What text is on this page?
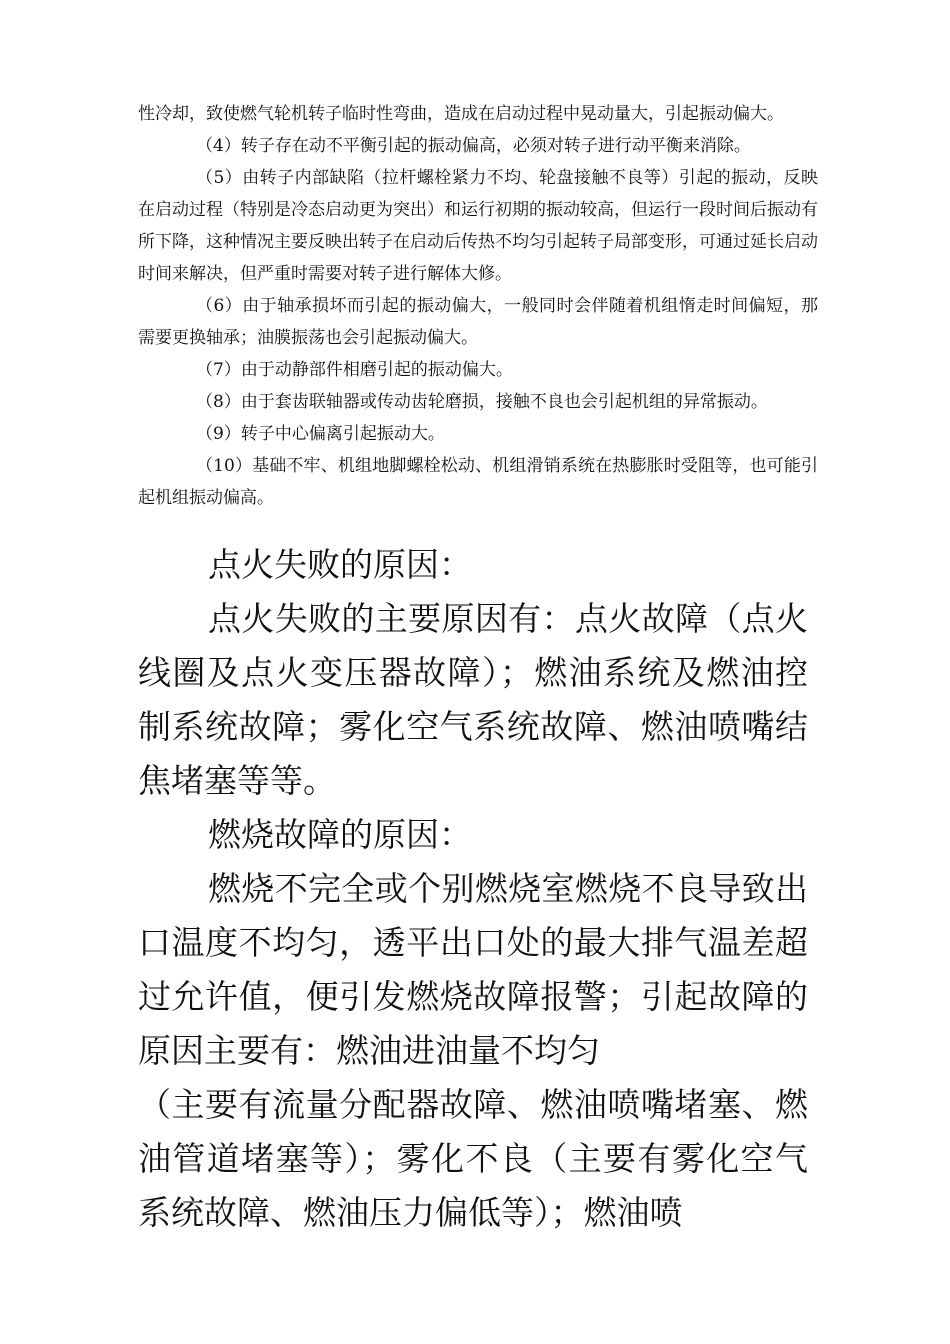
性冷却，致使燃气轮机转子临时性弯曲，造成在启动过程中晃动量大，引起振动偏大。

（4）转子存在动不平衡引起的振动偏高，必须对转子进行动平衡来消除。

（5）由转子内部缺陷（拉杆螺栓紧力不均、轮盘接触不良等）引起的振动，反映在启动过程（特别是冷态启动更为突出）和运行初期的振动较高，但运行一段时间后振动有所下降，这种情况主要反映出转子在启动后传热不均匀引起转子局部变形，可通过延长启动时间来解决，但严重时需要对转子进行解体大修。

（6）由于轴承损坏而引起的振动偏大，一般同时会伴随着机组惰走时间偏短，那需要更换轴承；油膜振荡也会引起振动偏大。

（7）由于动静部件相磨引起的振动偏大。

（8）由于套齿联轴器或传动齿轮磨损，接触不良也会引起机组的异常振动。

（9）转子中心偏离引起振动大。

（10）基础不牢、机组地脚螺栓松动、机组滑销系统在热膨胀时受阻等，也可能引起机组振动偏高。

点火失败的原因：

点火失败的主要原因有：点火故障（点火线圈及点火变压器故障）；燃油系统及燃油控制系统故障；雾化空气系统故障、燃油喷嘴结焦堵塞等等。

燃烧故障的原因：

燃烧不完全或个别燃烧室燃烧不良导致出口温度不均匀，透平出口处的最大排气温差超过允许值，便引发燃烧故障报警；引起故障的原因主要有：燃油进油量不均匀

（主要有流量分配器故障、燃油喷嘴堵塞、燃油管道堵塞等）；雾化不良（主要有雾化空气系统故障、燃油压力偏低等）；燃油喷
